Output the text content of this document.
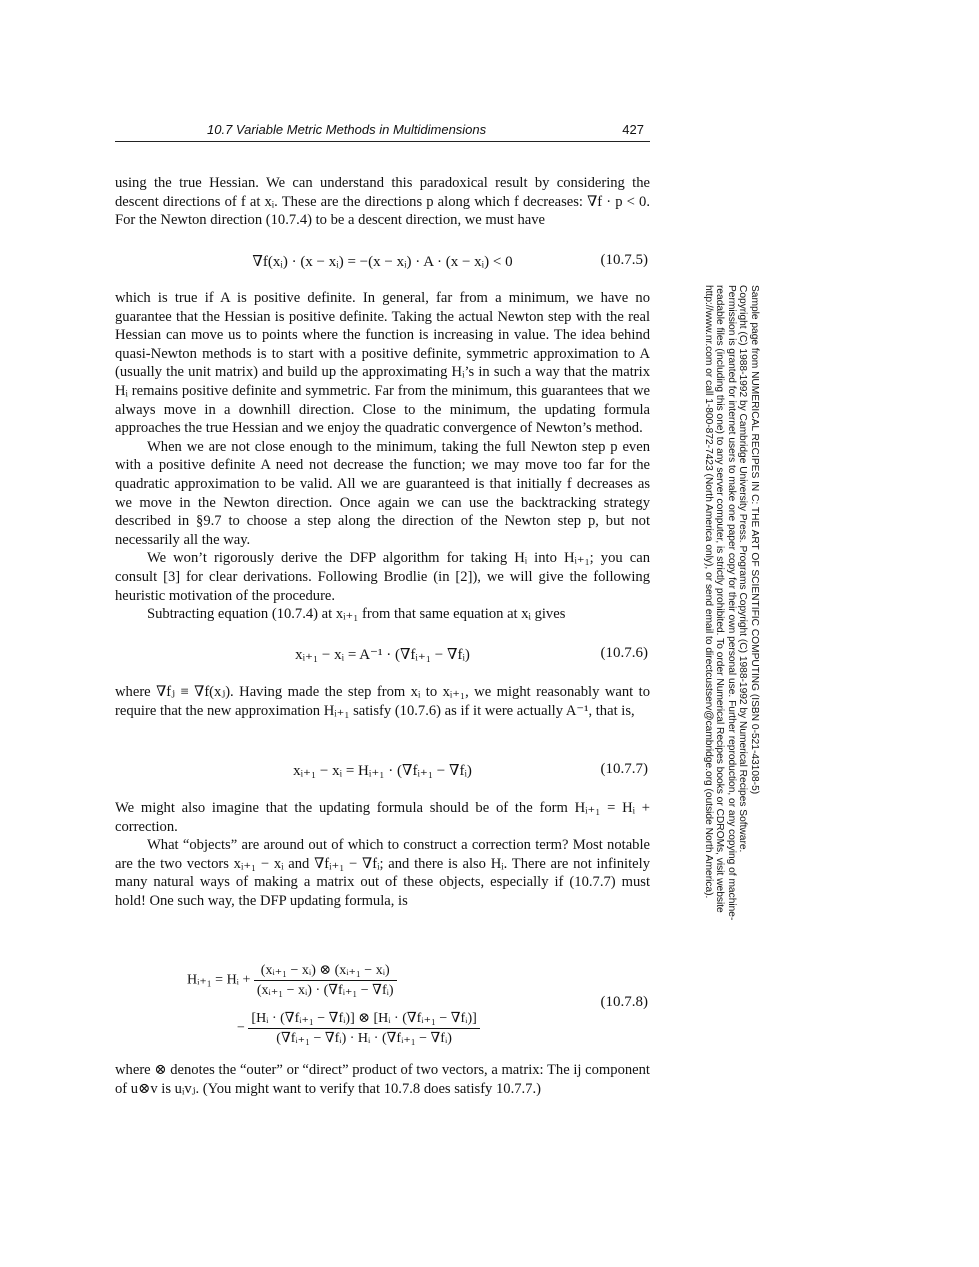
10.7 Variable Metric Methods in Multidimensions	427

using the true Hessian. We can understand this paradoxical result by considering the descent directions of f at xᵢ. These are the directions p along which f decreases: ∇f · p < 0. For the Newton direction (10.7.4) to be a descent direction, we must have

∇f(xᵢ) · (x − xᵢ) = −(x − xᵢ) · A · (x − xᵢ) < 0	(10.7.5)

which is true if A is positive definite. In general, far from a minimum, we have no guarantee that the Hessian is positive definite. Taking the actual Newton step with the real Hessian can move us to points where the function is increasing in value. The idea behind quasi-Newton methods is to start with a positive definite, symmetric approximation to A (usually the unit matrix) and build up the approximating Hᵢ’s in such a way that the matrix Hᵢ remains positive definite and symmetric. Far from the minimum, this guarantees that we always move in a downhill direction. Close to the minimum, the updating formula approaches the true Hessian and we enjoy the quadratic convergence of Newton’s method.

When we are not close enough to the minimum, taking the full Newton step p even with a positive definite A need not decrease the function; we may move too far for the quadratic approximation to be valid. All we are guaranteed is that initially f decreases as we move in the Newton direction. Once again we can use the backtracking strategy described in §9.7 to choose a step along the direction of the Newton step p, but not necessarily all the way.

We won’t rigorously derive the DFP algorithm for taking Hᵢ into Hᵢ₊₁; you can consult [3] for clear derivations. Following Brodlie (in [2]), we will give the following heuristic motivation of the procedure.

Subtracting equation (10.7.4) at xᵢ₊₁ from that same equation at xᵢ gives

xᵢ₊₁ − xᵢ = A⁻¹ · (∇fᵢ₊₁ − ∇fᵢ)	(10.7.6)

where ∇fⱼ ≡ ∇f(xⱼ). Having made the step from xᵢ to xᵢ₊₁, we might reasonably want to require that the new approximation Hᵢ₊₁ satisfy (10.7.6) as if it were actually A⁻¹, that is,

xᵢ₊₁ − xᵢ = Hᵢ₊₁ · (∇fᵢ₊₁ − ∇fᵢ)	(10.7.7)

We might also imagine that the updating formula should be of the form Hᵢ₊₁ = Hᵢ + correction.

What “objects” are around out of which to construct a correction term? Most notable are the two vectors xᵢ₊₁ − xᵢ and ∇fᵢ₊₁ − ∇fᵢ; and there is also Hᵢ. There are not infinitely many natural ways of making a matrix out of these objects, especially if (10.7.7) must hold! One such way, the DFP updating formula, is

Hᵢ₊₁ = Hᵢ + $\frac{\text{(xᵢ₊₁ − xᵢ) ⊗ (xᵢ₊₁ − xᵢ)}}{\text{(xᵢ₊₁ − xᵢ) · (∇fᵢ₊₁ − ∇fᵢ)}}$
− $\frac{\text{[Hᵢ · (∇fᵢ₊₁ − ∇fᵢ)] ⊗ [Hᵢ · (∇fᵢ₊₁ − ∇fᵢ)]}}{\text{(∇fᵢ₊₁ − ∇fᵢ) · Hᵢ · (∇fᵢ₊₁ − ∇fᵢ)}}$
(10.7.8)

where ⊗ denotes the “outer” or “direct” product of two vectors, a matrix: The ij component of u⊗v is uᵢvⱼ. (You might want to verify that 10.7.8 does satisfy 10.7.7.)

Sample page from NUMERICAL RECIPES IN C: THE ART OF SCIENTIFIC COMPUTING (ISBN 0-521-43108-5)
Copyright (C) 1988-1992 by Cambridge University Press. Programs Copyright (C) 1988-1992 by Numerical Recipes Software.
Permission is granted for internet users to make one paper copy for their own personal use. Further reproduction, or any copying of machine-
readable files (including this one) to any server computer, is strictly prohibited. To order Numerical Recipes books or CDROMs, visit website
http://www.nr.com or call 1-800-872-7423 (North America only), or send email to directcustserv@cambridge.org (outside North America).
